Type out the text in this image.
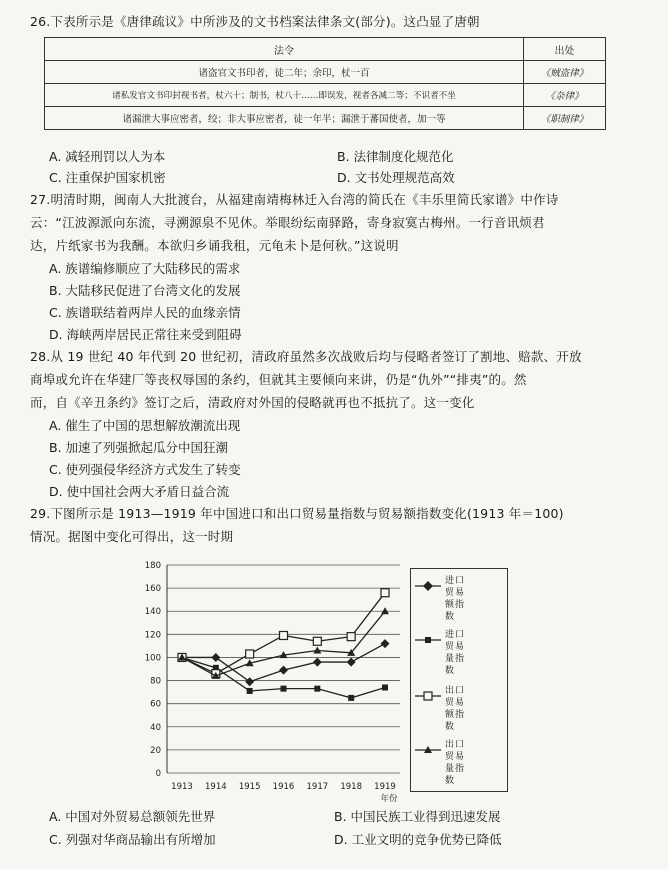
26.下表所示是《唐律疏议》中所涉及的文书档案法律条文(部分)。这凸显了唐朝
法令	出处
诸盗官文书印者，徒二年；余印，杖一百	《贼盗律》
诸私发官文书印封视书者，杖六十；制书，杖八十……即误发，视者各减二等；不识者不坐	《杂律》
诸漏泄大事应密者，绞；非大事应密者，徒一年半；漏泄于蕃国使者，加一等	《职制律》
A. 减轻刑罚以人为本	B. 法律制度化规范化
C. 注重保护国家机密	D. 文书处理规范高效
27.明清时期，闽南人大批渡台，从福建南靖梅林迁入台湾的简氏在《丰乐里简氏家谱》中作诗
云：“江波源派向东流，寻溯源泉不见休。举眼纷纭南驿路，寄身寂寞古梅州。一行音讯烦君
达，片纸家书为我酬。本欲归乡诵我租，元龟未卜是何秋。”这说明
A. 族谱编修顺应了大陆移民的需求
B. 大陆移民促进了台湾文化的发展
C. 族谱联结着两岸人民的血缘亲情
D. 海峡两岸居民正常往来受到阻碍
28.从 19 世纪 40 年代到 20 世纪初，清政府虽然多次战败后均与侵略者签订了割地、赔款、开放
商埠或允许在华建厂等丧权辱国的条约，但就其主要倾向来讲，仍是“仇外”“排夷”的。然
而，自《辛丑条约》签订之后，清政府对外国的侵略就再也不抵抗了。这一变化
A. 催生了中国的思想解放潮流出现
B. 加速了列强掀起瓜分中国狂潮
C. 使列强侵华经济方式发生了转变
D. 使中国社会两大矛盾日益合流
29.下图所示是 1913—1919 年中国进口和出口贸易量指数与贸易额指数变化(1913 年＝100)
情况。据图中变化可得出，这一时期
0
20
40
60
80
100
120
140
160
180
1913 1914 1915 1916 1917 1918 1919
年份
进口贸易额指数
进口贸易量指数
出口贸易额指数
出口贸易量指数
A. 中国对外贸易总额领先世界	B. 中国民族工业得到迅速发展
C. 列强对华商品输出有所增加	D. 工业文明的竞争优势已降低
